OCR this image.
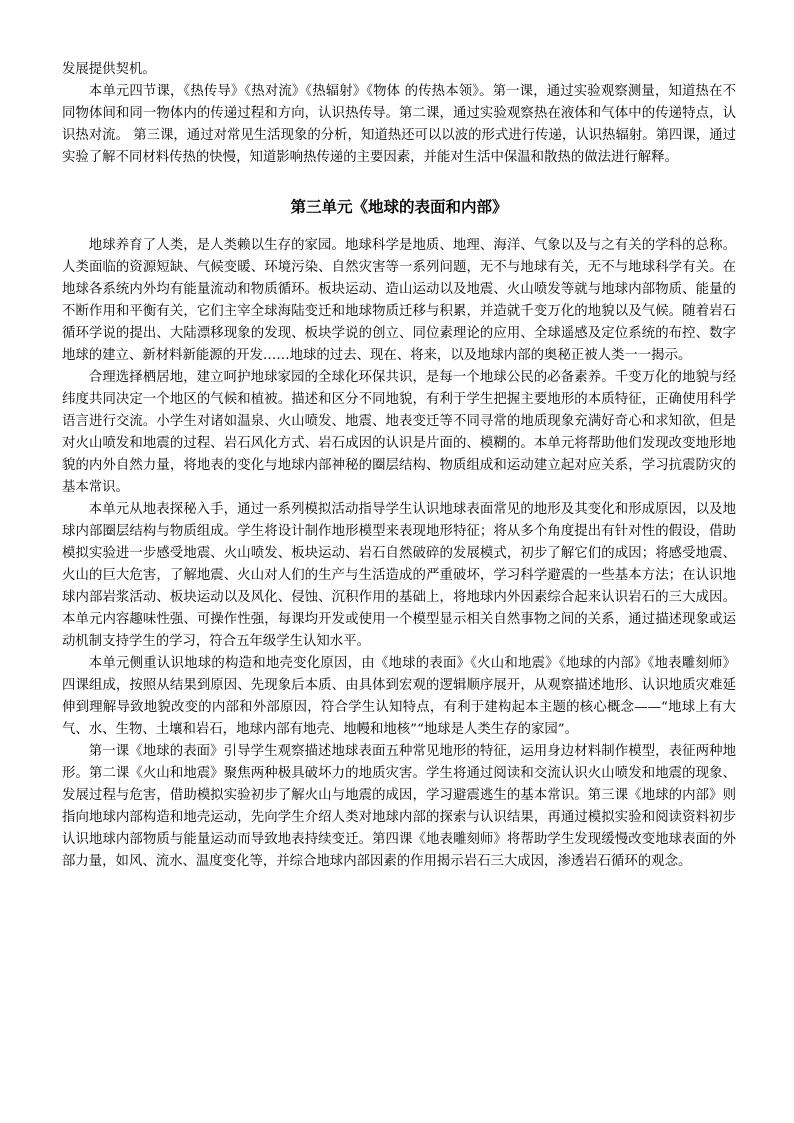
发展提供契机。

本单元四节课，《热传导》《热对流》《热辐射》《物体 的传热本领》。第一课，通过实验观察测量，知道热在不同物体间和同一物体内的传递过程和方向，认识热传导。第二课，通过实验观察热在液体和气体中的传递特点，认识热对流。 第三课，通过对常见生活现象的分析，知道热还可以以波的形式进行传递，认识热辐射。第四课，通过实验了解不同材料传热的快慢，知道影响热传递的主要因素，并能对生活中保温和散热的做法进行解释。

第三单元《地球的表面和内部》

地球养育了人类，是人类赖以生存的家园。地球科学是地质、地理、海洋、气象以及与之有关的学科的总称。人类面临的资源短缺、气候变暖、环境污染、自然灾害等一系列问题，无不与地球有关，无不与地球科学有关。在地球各系统内外均有能量流动和物质循环。板块运动、造山运动以及地震、火山喷发等就与地球内部物质、能量的不断作用和平衡有关，它们主宰全球海陆变迁和地球物质迁移与积累，并造就千变万化的地貌以及气候。随着岩石循环学说的提出、大陆漂移现象的发现、板块学说的创立、同位素理论的应用、全球遥感及定位系统的布控、数字地球的建立、新材料新能源的开发……地球的过去、现在、将来，以及地球内部的奥秘正被人类一一揭示。

合理选择栖居地，建立呵护地球家园的全球化环保共识，是每一个地球公民的必备素养。千变万化的地貌与经纬度共同决定一个地区的气候和植被。描述和区分不同地貌，有利于学生把握主要地形的本质特征，正确使用科学语言进行交流。小学生对诸如温泉、火山喷发、地震、地表变迁等不同寻常的地质现象充满好奇心和求知欲，但是对火山喷发和地震的过程、岩石风化方式、岩石成因的认识是片面的、模糊的。本单元将帮助他们发现改变地形地貌的内外自然力量，将地表的变化与地球内部神秘的圈层结构、物质组成和运动建立起对应关系，学习抗震防灾的基本常识。

本单元从地表探秘入手，通过一系列模拟活动指导学生认识地球表面常见的地形及其变化和形成原因，以及地球内部圈层结构与物质组成。学生将设计制作地形模型来表现地形特征；将从多个角度提出有针对性的假设，借助模拟实验进一步感受地震、火山喷发、板块运动、岩石自然破碎的发展模式，初步了解它们的成因；将感受地震、火山的巨大危害，了解地震、火山对人们的生产与生活造成的严重破坏，学习科学避震的一些基本方法；在认识地球内部岩浆活动、板块运动以及风化、侵蚀、沉积作用的基础上，将地球内外因素综合起来认识岩石的三大成因。本单元内容趣味性强、可操作性强，每课均开发或使用一个模型显示相关自然事物之间的关系，通过描述现象或运动机制支持学生的学习，符合五年级学生认知水平。

本单元侧重认识地球的构造和地壳变化原因，由《地球的表面》《火山和地震》《地球的内部》《地表雕刻师》四课组成，按照从结果到原因、先现象后本质、由具体到宏观的逻辑顺序展开，从观察描述地形、认识地质灾难延伸到理解导致地貌改变的内部和外部原因，符合学生认知特点，有利于建构起本主题的核心概念——“地球上有大气、水、生物、土壤和岩石，地球内部有地壳、地幔和地核”“地球是人类生存的家园”。

第一课《地球的表面》引导学生观察描述地球表面五种常见地形的特征，运用身边材料制作模型，表征两种地形。第二课《火山和地震》聚焦两种极具破坏力的地质灾害。学生将通过阅读和交流认识火山喷发和地震的现象、发展过程与危害，借助模拟实验初步了解火山与地震的成因，学习避震逃生的基本常识。第三课《地球的内部》则指向地球内部构造和地壳运动，先向学生介绍人类对地球内部的探索与认识结果，再通过模拟实验和阅读资料初步认识地球内部物质与能量运动而导致地表持续变迁。第四课《地表雕刻师》将帮助学生发现缓慢改变地球表面的外部力量，如风、流水、温度变化等，并综合地球内部因素的作用揭示岩石三大成因，渗透岩石循环的观念。
